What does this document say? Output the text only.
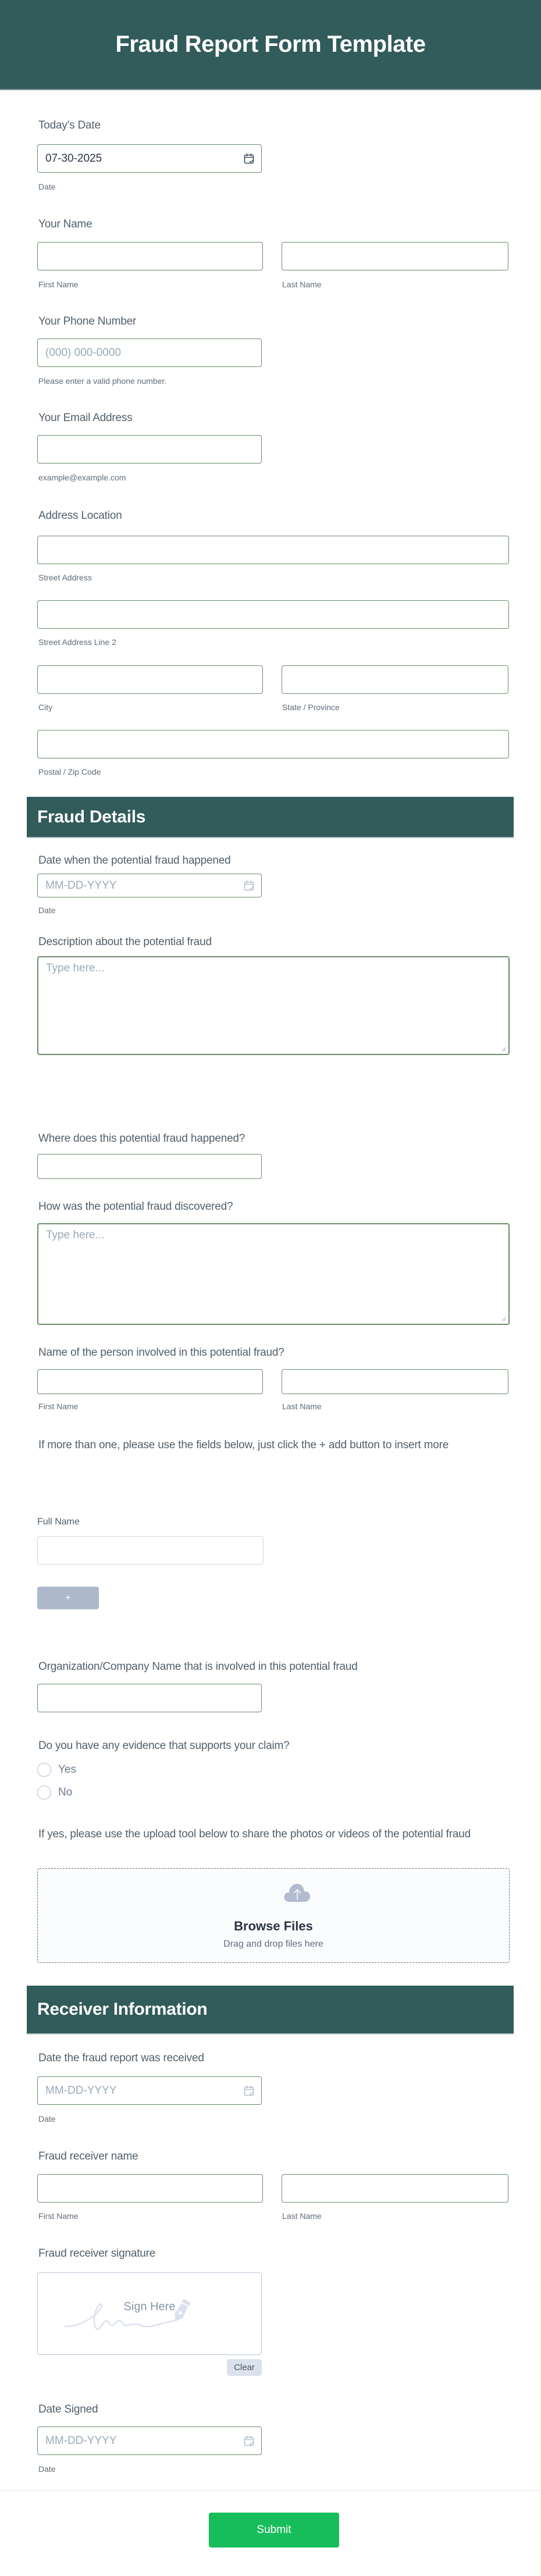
Fraud Report Form Template
Today's Date
07-30-2025
Date
Your Name
First Name	Last Name
Your Phone Number
(000) 000-0000
Please enter a valid phone number.
Your Email Address
example@example.com
Address Location
Street Address
Street Address Line 2
City	State / Province
Postal / Zip Code
Fraud Details
Date when the potential fraud happened
MM-DD-YYYY
Date
Description about the potential fraud
Type here...
Where does this potential fraud happened?
How was the potential fraud discovered?
Type here...
Name of the person involved in this potential fraud?
First Name	Last Name
If more than one, please use the fields below, just click the + add button to insert more
Full Name
+
Organization/Company Name that is involved in this potential fraud
Do you have any evidence that supports your claim?
Yes
No
If yes, please use the upload tool below to share the photos or videos of the potential fraud
Browse Files
Drag and drop files here
Receiver Information
Date the fraud report was received
MM-DD-YYYY
Date
Fraud receiver name
First Name	Last Name
Fraud receiver signature
Sign Here
Clear
Date Signed
MM-DD-YYYY
Date
Submit
